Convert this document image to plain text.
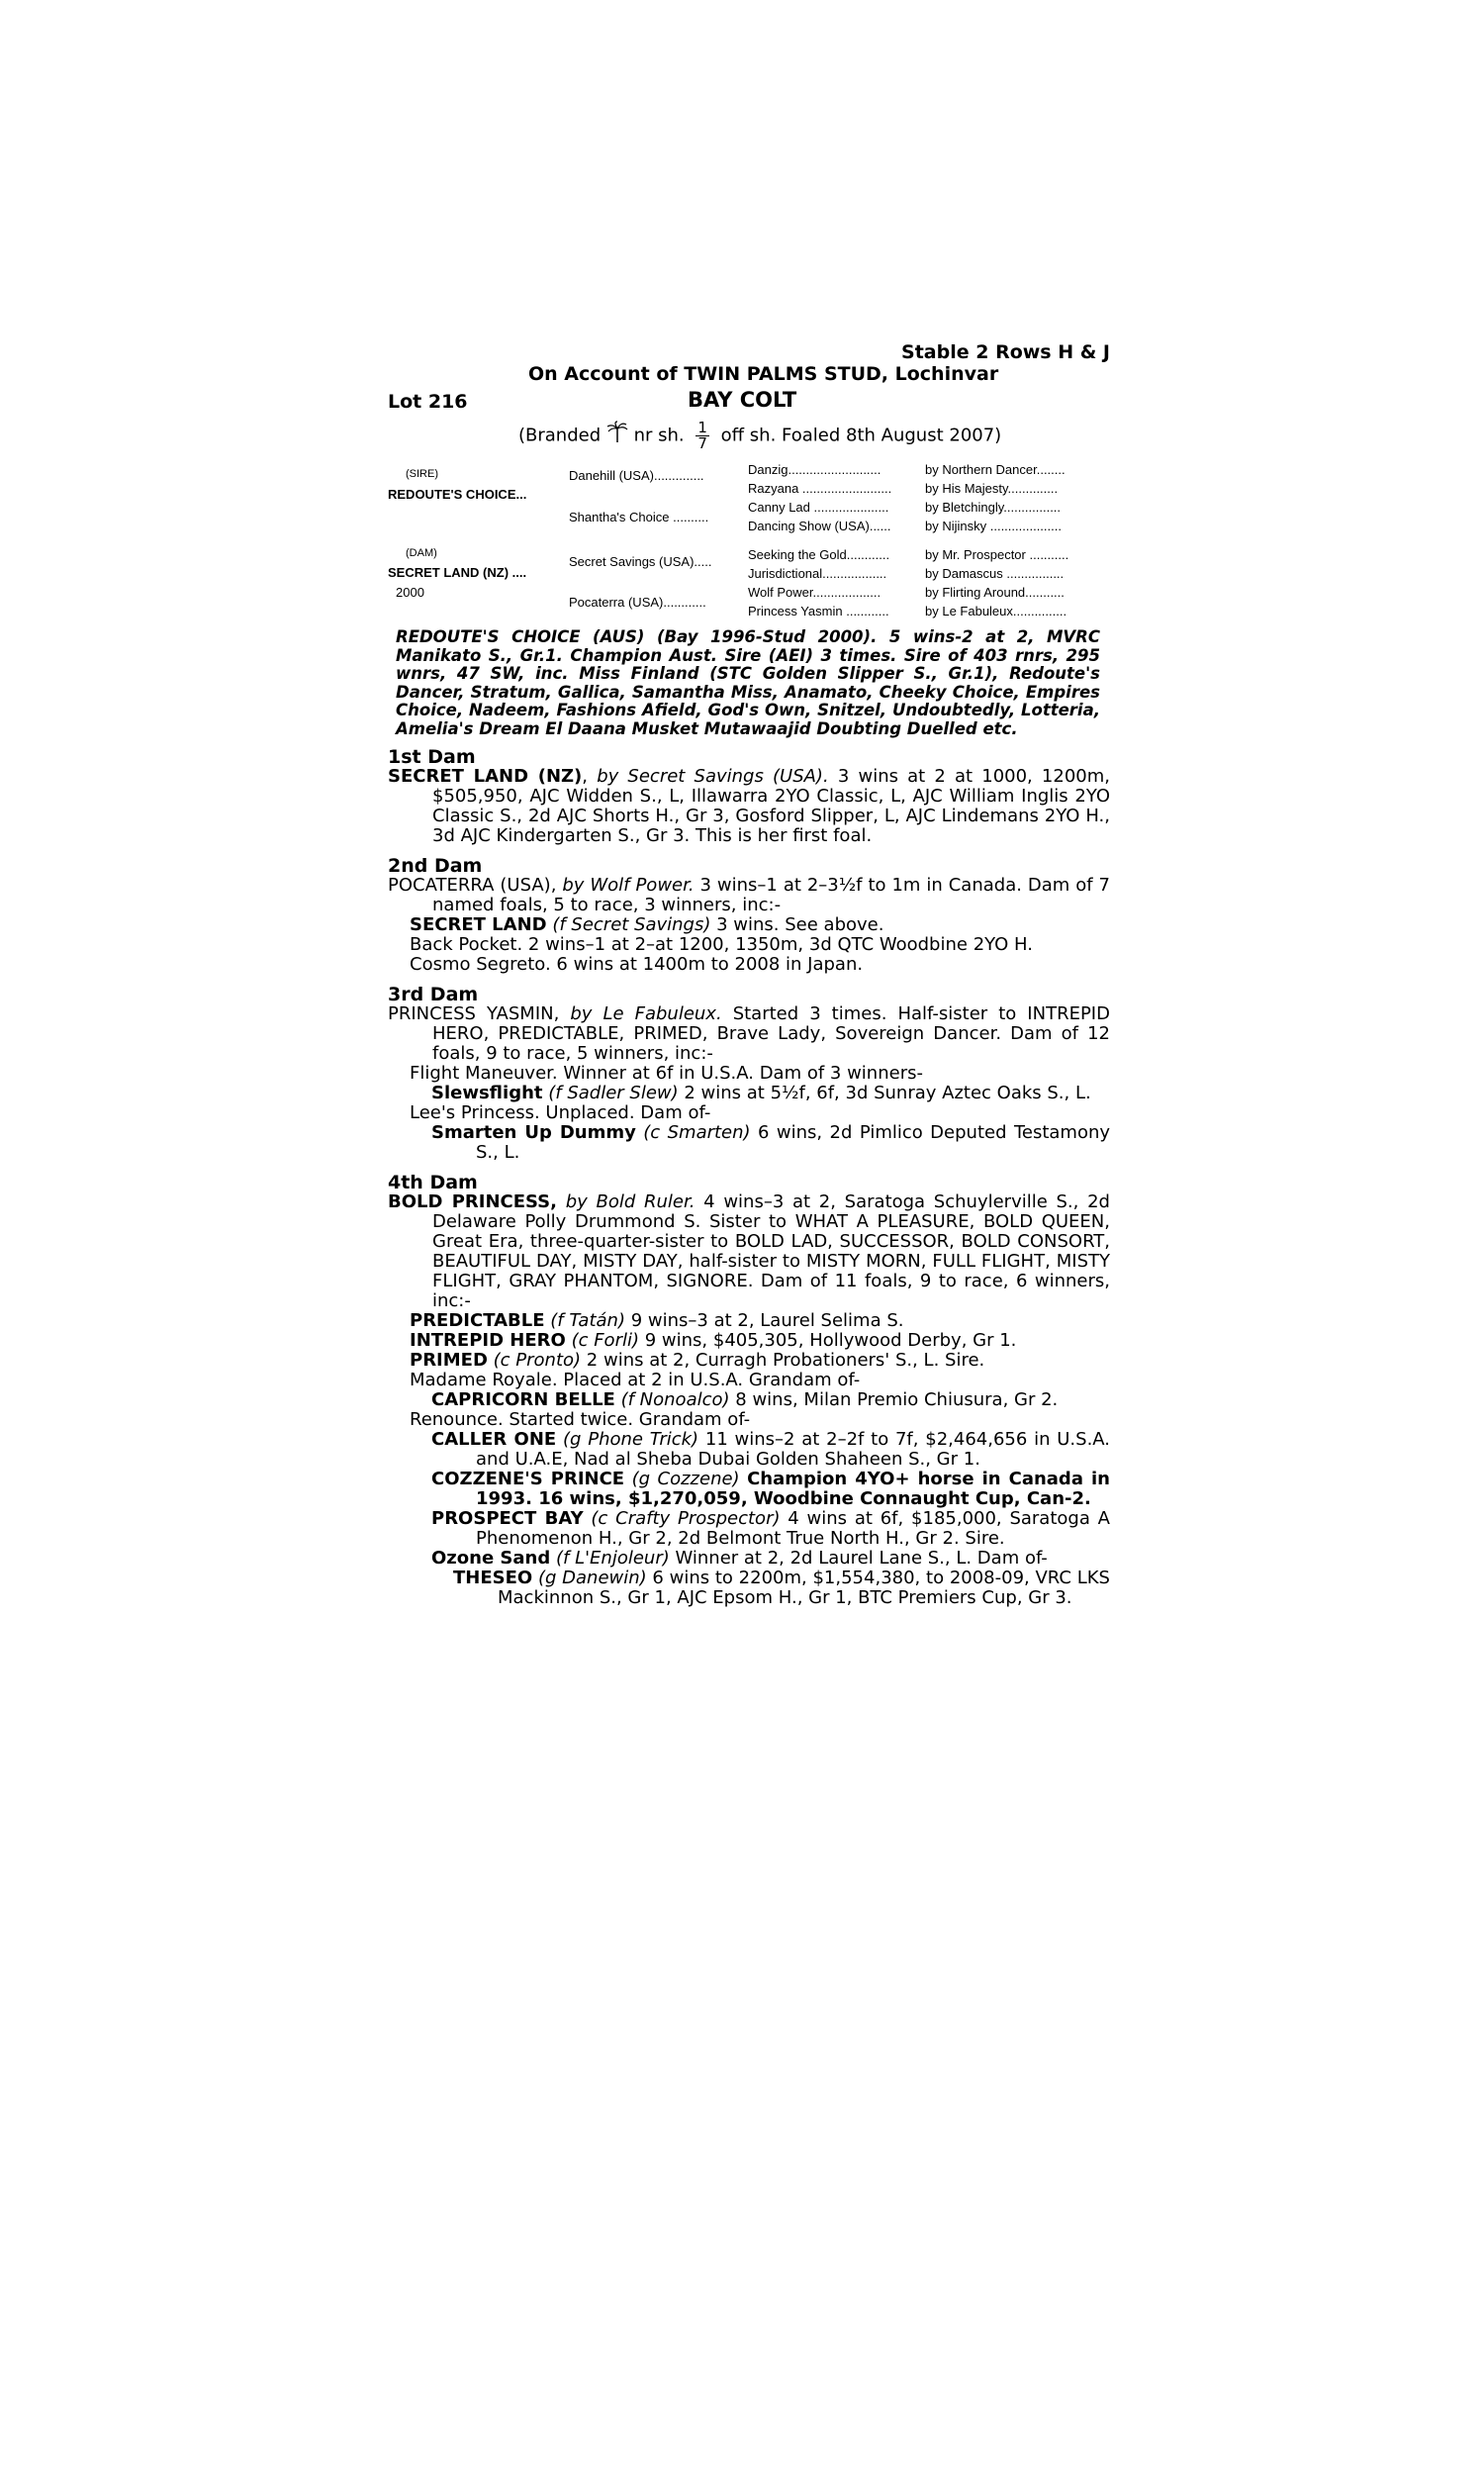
Stable 2 Rows H & J
On Account of TWIN PALMS STUD, Lochinvar
Lot 216	BAY COLT
(Branded nr sh. $\frac{1}{7}$ off sh. Foaled 8th August 2007)
(SIRE)
REDOUTE'S CHOICE...
(DAM)
SECRET LAND (NZ) ....
2000
Danehill (USA)..............
Shantha's Choice ..........
Secret Savings (USA).....
Pocaterra (USA)............
Danzig..........................
Razyana .........................
Canny Lad .....................
Dancing Show (USA)......
Seeking the Gold............
Jurisdictional..................
Wolf Power...................
Princess Yasmin ............
by Northern Dancer........
by His Majesty..............
by Bletchingly................
by Nijinsky ....................
by Mr. Prospector ...........
by Damascus ................
by Flirting Around...........
by Le Fabuleux...............
REDOUTE'S CHOICE (AUS) (Bay 1996-Stud 2000). 5 wins-2 at 2, MVRC Manikato S., Gr.1. Champion Aust. Sire (AEI) 3 times. Sire of 403 rnrs, 295 wnrs, 47 SW, inc. Miss Finland (STC Golden Slipper S., Gr.1), Redoute's Dancer, Stratum, Gallica, Samantha Miss, Anamato, Cheeky Choice, Empires Choice, Nadeem, Fashions Afield, God's Own, Snitzel, Undoubtedly, Lotteria, Amelia's Dream El Daana Musket Mutawaajid Doubting Duelled etc.
1st Dam

SECRET LAND (NZ), by Secret Savings (USA). 3 wins at 2 at 1000, 1200m, $505,950, AJC Widden S., L, Illawarra 2YO Classic, L, AJC William Inglis 2YO Classic S., 2d AJC Shorts H., Gr 3, Gosford Slipper, L, AJC Lindemans 2YO H., 3d AJC Kindergarten S., Gr 3. This is her first foal.

2nd Dam

POCATERRA (USA), by Wolf Power. 3 wins–1 at 2–3½f to 1m in Canada. Dam of 7 named foals, 5 to race, 3 winners, inc:-

SECRET LAND (f Secret Savings) 3 wins. See above.

Back Pocket. 2 wins–1 at 2–at 1200, 1350m, 3d QTC Woodbine 2YO H.

Cosmo Segreto. 6 wins at 1400m to 2008 in Japan.

3rd Dam

PRINCESS YASMIN, by Le Fabuleux. Started 3 times. Half-sister to INTREPID HERO, PREDICTABLE, PRIMED, Brave Lady, Sovereign Dancer. Dam of 12 foals, 9 to race, 5 winners, inc:-

Flight Maneuver. Winner at 6f in U.S.A. Dam of 3 winners-

Slewsflight (f Sadler Slew) 2 wins at 5½f, 6f, 3d Sunray Aztec Oaks S., L.

Lee's Princess. Unplaced. Dam of-

Smarten Up Dummy (c Smarten) 6 wins, 2d Pimlico Deputed Testamony S., L.

4th Dam

BOLD PRINCESS, by Bold Ruler. 4 wins–3 at 2, Saratoga Schuylerville S., 2d Delaware Polly Drummond S. Sister to WHAT A PLEASURE, BOLD QUEEN, Great Era, three-quarter-sister to BOLD LAD, SUCCESSOR, BOLD CONSORT, BEAUTIFUL DAY, MISTY DAY, half-sister to MISTY MORN, FULL FLIGHT, MISTY FLIGHT, GRAY PHANTOM, SIGNORE. Dam of 11 foals, 9 to race, 6 winners, inc:-

PREDICTABLE (f Tatán) 9 wins–3 at 2, Laurel Selima S.

INTREPID HERO (c Forli) 9 wins, $405,305, Hollywood Derby, Gr 1.

PRIMED (c Pronto) 2 wins at 2, Curragh Probationers' S., L. Sire.

Madame Royale. Placed at 2 in U.S.A. Grandam of-

CAPRICORN BELLE (f Nonoalco) 8 wins, Milan Premio Chiusura, Gr 2.

Renounce. Started twice. Grandam of-

CALLER ONE (g Phone Trick) 11 wins–2 at 2–2f to 7f, $2,464,656 in U.S.A. and U.A.E, Nad al Sheba Dubai Golden Shaheen S., Gr 1.

COZZENE'S PRINCE (g Cozzene) Champion 4YO+ horse in Canada in 1993. 16 wins, $1,270,059, Woodbine Connaught Cup, Can-2.

PROSPECT BAY (c Crafty Prospector) 4 wins at 6f, $185,000, Saratoga A Phenomenon H., Gr 2, 2d Belmont True North H., Gr 2. Sire.

Ozone Sand (f L'Enjoleur) Winner at 2, 2d Laurel Lane S., L. Dam of-

THESEO (g Danewin) 6 wins to 2200m, $1,554,380, to 2008-09, VRC LKS Mackinnon S., Gr 1, AJC Epsom H., Gr 1, BTC Premiers Cup, Gr 3.
